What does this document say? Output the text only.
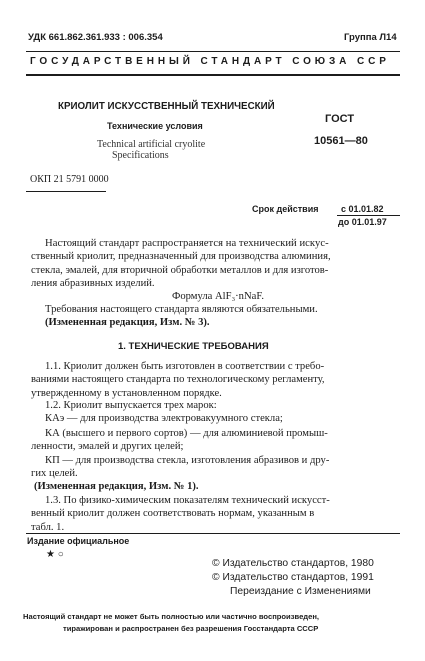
УДК 661.862.361.933 : 006.354	Группа Л14
ГОСУДАРСТВЕННЫЙ СТАНДАРТ СОЮЗА ССР
КРИОЛИТ ИСКУССТВЕННЫЙ ТЕХНИЧЕСКИЙ
Технические условия
Technical artificial cryolite
Specifications
ГОСТ
10561—80
ОКП 21 5791 0000
Срок действия	с 01.01.82
до 01.01.97
Настоящий стандарт распространяется на технический искус-
ственный криолит, предназначенный для производства алюминия,
стекла, эмалей, для вторичной обработки металлов и для изготов-
ления абразивных изделий.
Формула AlF₃·nNaF.
Требования настоящего стандарта являются обязательными.
(Измененная редакция, Изм. № 3).
1. ТЕХНИЧЕСКИЕ ТРЕБОВАНИЯ
1.1. Криолит должен быть изготовлен в соответствии с требо-
ваниями настоящего стандарта по технологическому регламенту,
утвержденному в установленном порядке.
1.2. Криолит выпускается трех марок:
КАэ — для производства электровакуумного стекла;
КА (высшего и первого сортов) — для алюминиевой промыш-
ленности, эмалей и других целей;
КП — для производства стекла, изготовления абразивов и дру-
гих целей.
(Измененная редакция, Изм. № 1).
1.3. По физико-химическим показателям технический искусст-
венный криолит должен соответствовать нормам, указанным в
табл. 1.
Издание официальное
★ ○
© Издательство стандартов, 1980
© Издательство стандартов, 1991
Переиздание с Изменениями
Настоящий стандарт не может быть полностью или частично воспроизведен,
тиражирован и распространен без разрешения Госстандарта СССР
